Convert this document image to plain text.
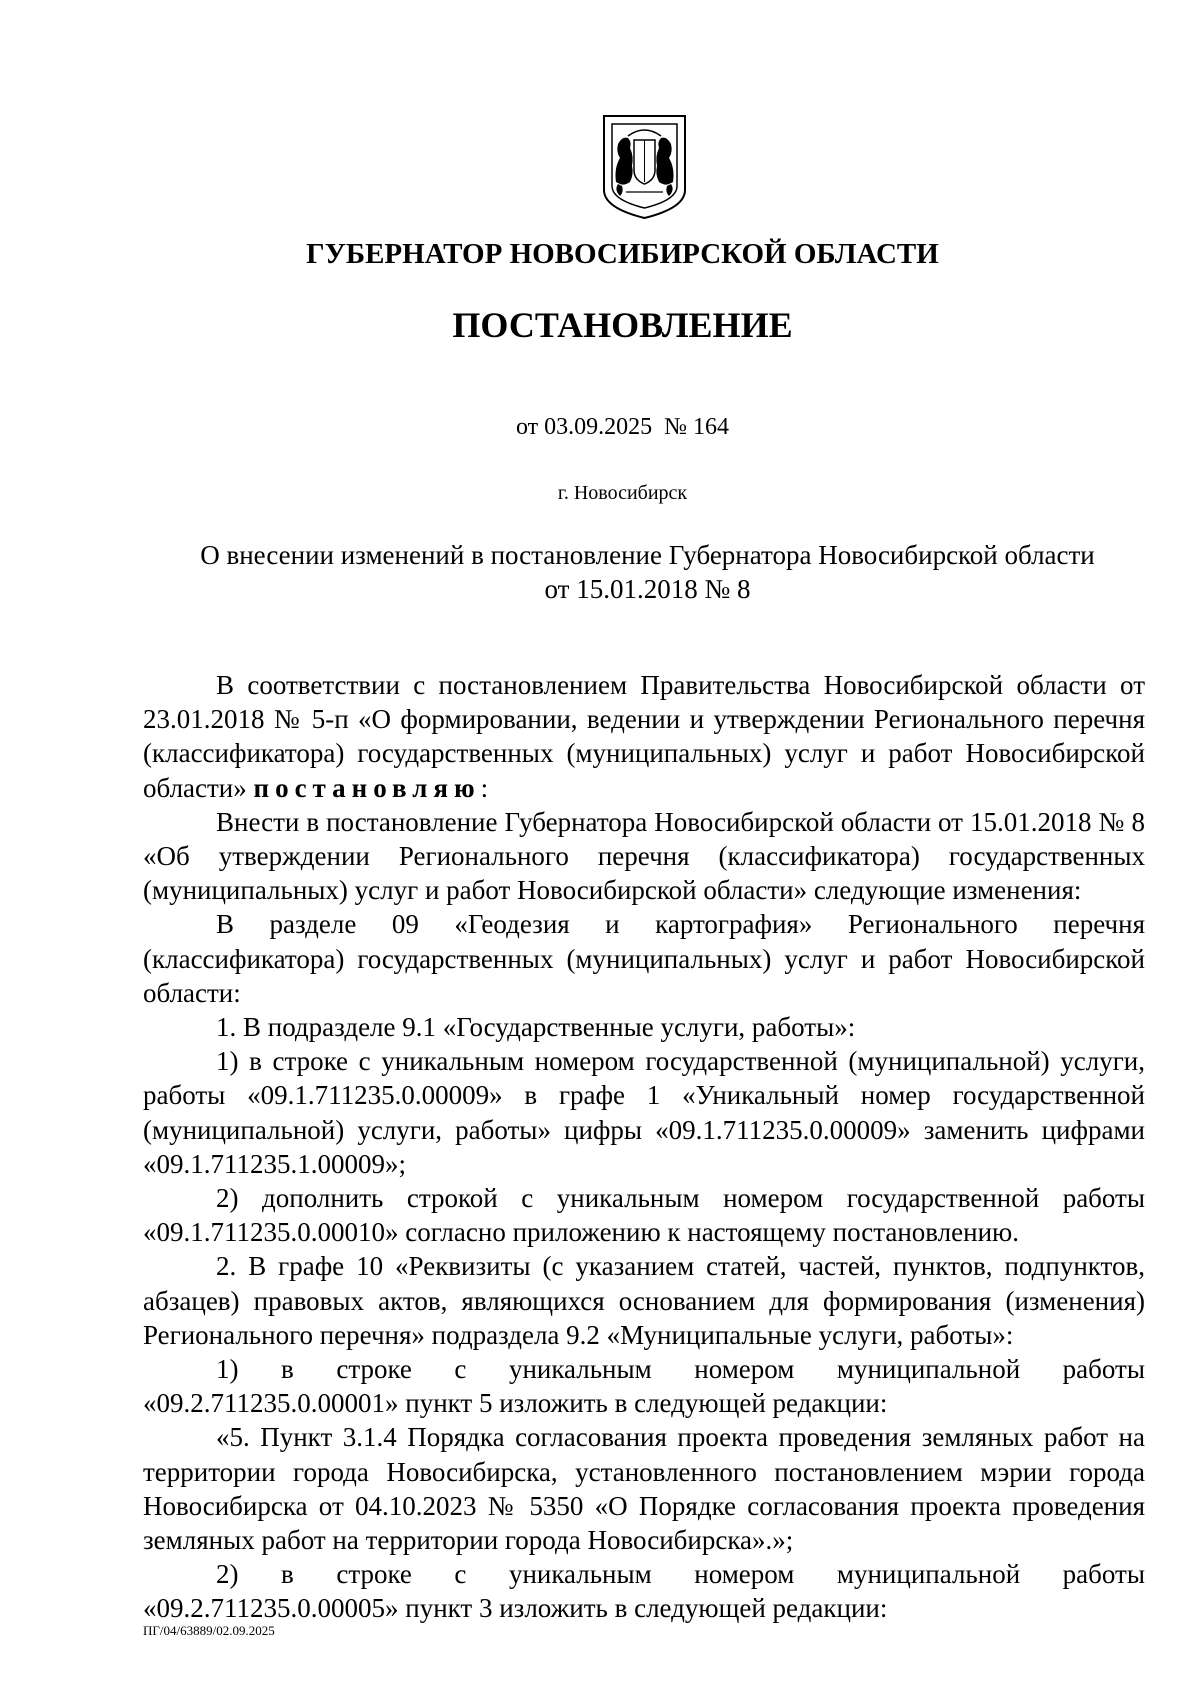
ГУБЕРНАТОР НОВОСИБИРСКОЙ ОБЛАСТИ
ПОСТАНОВЛЕНИЕ
от 03.09.2025  № 164
г. Новосибирск
О внесении изменений в постановление Губернатора Новосибирской области
от 15.01.2018 № 8

В соответствии с постановлением Правительства Новосибирской области от 23.01.2018 № 5-п «О формировании, ведении и утверждении Регионального перечня (классификатора) государственных (муниципальных) услуг и работ Новосибирской области» постановляю:

Внести в постановление Губернатора Новосибирской области от 15.01.2018 № 8 «Об утверждении Регионального перечня (классификатора) государственных (муниципальных) услуг и работ Новосибирской области» следующие изменения:

В разделе 09 «Геодезия и картография» Регионального перечня (классификатора) государственных (муниципальных) услуг и работ Новосибирской области:

1. В подразделе 9.1 «Государственные услуги, работы»:

1) в строке с уникальным номером государственной (муниципальной) услуги, работы «09.1.711235.0.00009» в графе 1 «Уникальный номер государственной (муниципальной) услуги, работы» цифры «09.1.711235.0.00009» заменить цифрами «09.1.711235.1.00009»;

2) дополнить строкой с уникальным номером государственной работы «09.1.711235.0.00010» согласно приложению к настоящему постановлению.

2. В графе 10 «Реквизиты (с указанием статей, частей, пунктов, подпунктов, абзацев) правовых актов, являющихся основанием для формирования (изменения) Регионального перечня» подраздела 9.2 «Муниципальные услуги, работы»:

1) в строке с уникальным номером муниципальной работы «09.2.711235.0.00001» пункт 5 изложить в следующей редакции:

«5. Пункт 3.1.4 Порядка согласования проекта проведения земляных работ на территории города Новосибирска, установленного постановлением мэрии города Новосибирска от 04.10.2023 № 5350 «О Порядке согласования проекта проведения земляных работ на территории города Новосибирска».»;

2) в строке с уникальным номером муниципальной работы «09.2.711235.0.00005» пункт 3 изложить в следующей редакции:

ПГ/04/63889/02.09.2025
